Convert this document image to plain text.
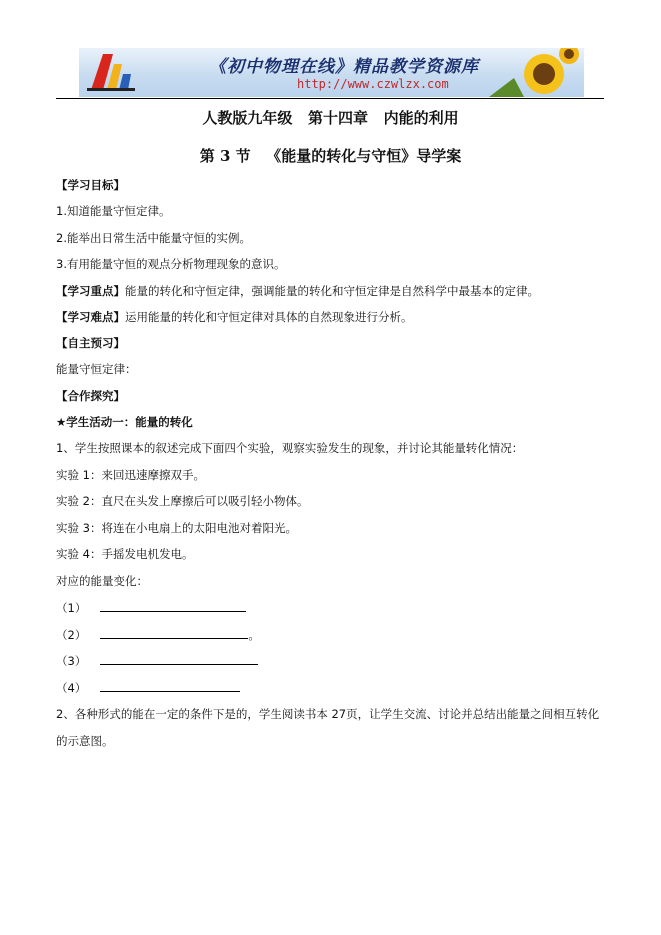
《初中物理在线》精品教学资源库
http://www.czwlzx.com
人教版九年级   第十四章   内能的利用
第 3 节   《能量的转化与守恒》导学案
【学习目标】
1.知道能量守恒定律。
2.能举出日常生活中能量守恒的实例。
3.有用能量守恒的观点分析物理现象的意识。
【学习重点】能量的转化和守恒定律，强调能量的转化和守恒定律是自然科学中最基本的定律。
【学习难点】运用能量的转化和守恒定律对具体的自然现象进行分析。
【自主预习】
能量守恒定律：
【合作探究】
★学生活动一：能量的转化
1、学生按照课本的叙述完成下面四个实验，观察实验发生的现象，并讨论其能量转化情况：
实验 1：来回迅速摩擦双手。
实验 2：直尺在头发上摩擦后可以吸引轻小物体。
实验 3：将连在小电扇上的太阳电池对着阳光。
实验 4：手摇发电机发电。
对应的能量变化：
（1）
（2）	。
（3）
（4）
2、各种形式的能在一定的条件下是的，学生阅读书本 27页，让学生交流、讨论并总结出能量之间相互转化的示意图。
